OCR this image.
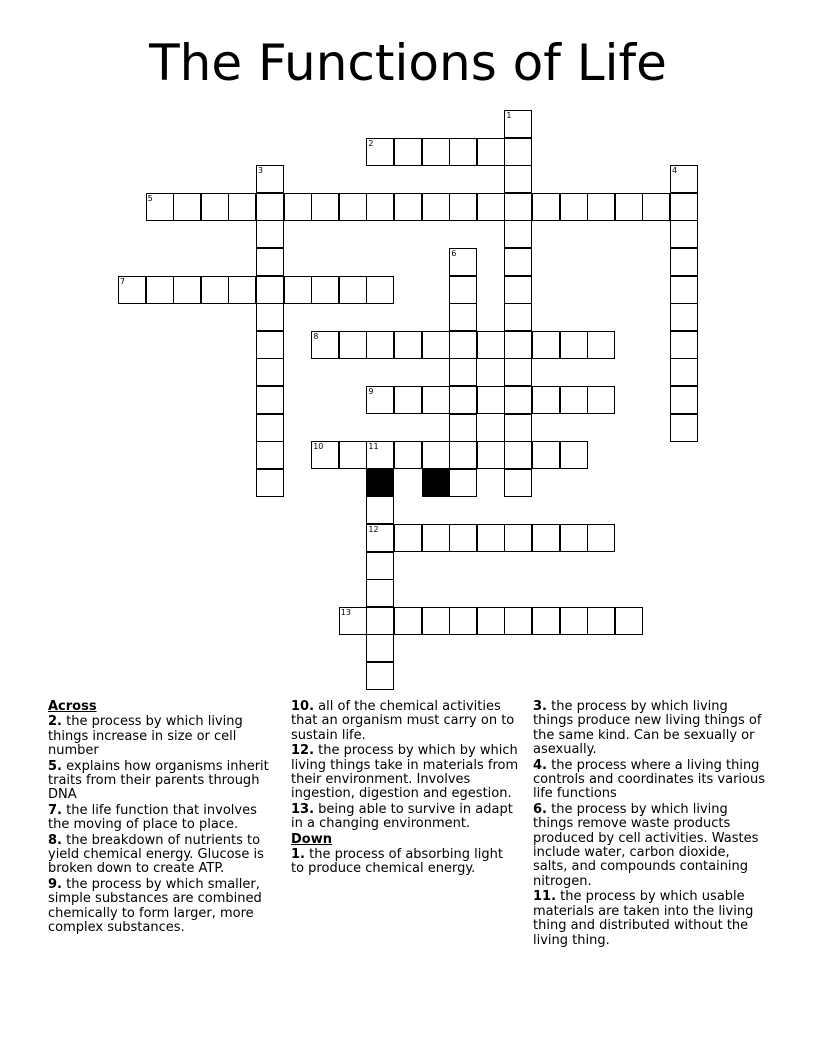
The Functions of Life
1
2
3	4
5
6
7
8
9
10	11
12
13

Across

2. the process by which living things increase in size or cell number

5. explains how organisms inherit traits from their parents through DNA

7. the life function that involves the moving of place to place.

8. the breakdown of nutrients to yield chemical energy. Glucose is broken down to create ATP.

9. the process by which smaller, simple substances are combined chemically to form larger, more complex substances.

10. all of the chemical activities that an organism must carry on to sustain life.

12. the process by which by which living things take in materials from their environment. Involves ingestion, digestion and egestion.

13. being able to survive in adapt in a changing environment.

Down

1. the process of absorbing light to produce chemical energy.

3. the process by which living things produce new living things of the same kind. Can be sexually or asexually.

4. the process where a living thing controls and coordinates its various life functions

6. the process by which living things remove waste products produced by cell activities. Wastes include water, carbon dioxide, salts, and compounds containing nitrogen.

11. the process by which usable materials are taken into the living thing and distributed without the living thing.
